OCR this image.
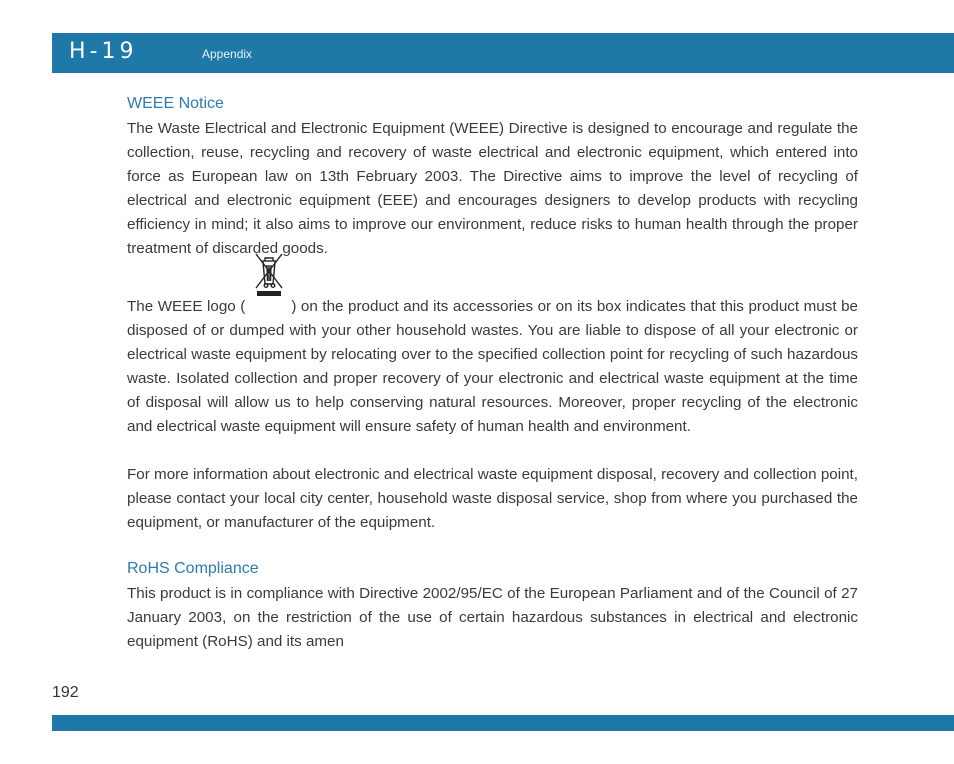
H-19	Appendix
WEEE Notice

The Waste Electrical and Electronic Equipment (WEEE) Directive is designed to encourage and regulate the collection, reuse, recycling and recovery of waste electrical and electronic equipment, which entered into force as European law on 13th February 2003. The Directive aims to improve the level of recycling of electrical and electronic equipment (EEE) and encourages designers to develop products with recycling efficiency in mind; it also aims to improve our environment, reduce risks to human health through the proper treatment of discarded goods.

The WEEE logo (	) on the product and its accessories or on its box indicates that this product must be disposed of or dumped with your other household wastes. You are liable to dispose of all your electronic or electrical waste equipment by relocating over to the specified collection point for recycling of such hazardous waste. Isolated collection and proper recovery of your electronic and electrical waste equipment at the time of disposal will allow us to help conserving natural resources. Moreover, proper recycling of the electronic and electrical waste equipment will ensure safety of human health and environment.

For more information about electronic and electrical waste equipment disposal, recovery and collection point, please contact your local city center, household waste disposal service, shop from where you purchased the equipment, or manufacturer of the equipment.

RoHS Compliance

This product is in compliance with Directive 2002/95/EC of the European Parliament and of the Council of 27 January 2003, on the restriction of the use of certain hazardous substances in electrical and electronic equipment (RoHS) and its amen

192
